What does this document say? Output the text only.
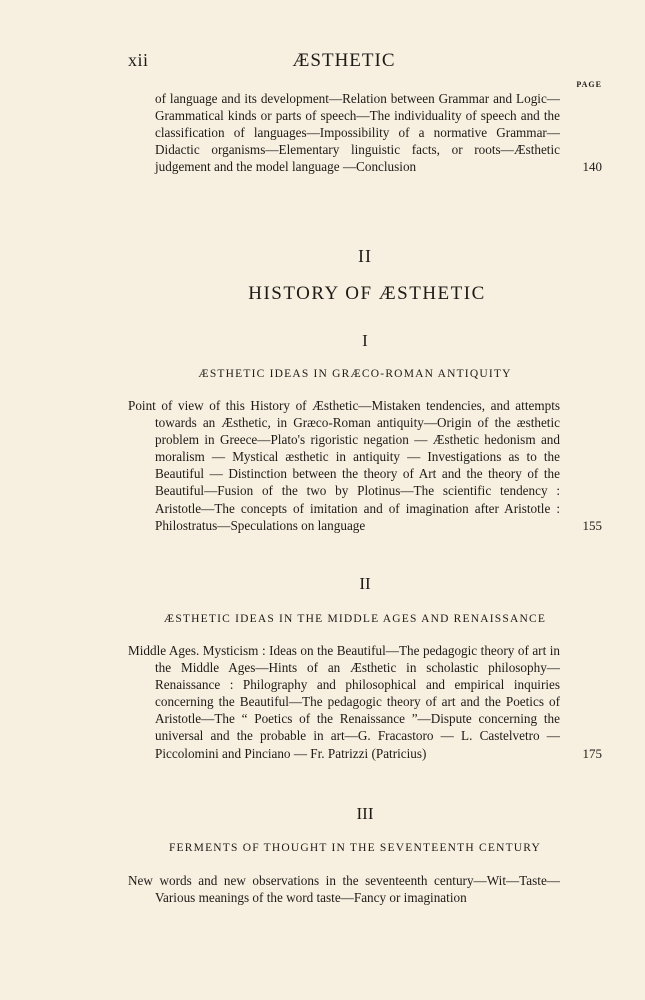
xii	ÆSTHETIC
PAGE
of language and its development—Relation between Grammar and Logic—Grammatical kinds or parts of speech—The individuality of speech and the classification of languages—Impossibility of a normative Grammar—Didactic organisms—Elementary linguistic facts, or roots—Æsthetic judgement and the model language —Conclusion	140
II
HISTORY OF ÆSTHETIC
I
ÆSTHETIC IDEAS IN GRÆCO-ROMAN ANTIQUITY
Point of view of this History of Æsthetic—Mistaken tendencies, and attempts towards an Æsthetic, in Græco-Roman antiquity—Origin of the æsthetic problem in Greece—Plato's rigoristic negation — Æsthetic hedonism and moralism — Mystical æsthetic in antiquity — Investigations as to the Beautiful — Distinction between the theory of Art and the theory of the Beautiful—Fusion of the two by Plotinus—The scientific tendency : Aristotle—The concepts of imitation and of imagination after Aristotle : Philostratus—Speculations on language	155
II
ÆSTHETIC IDEAS IN THE MIDDLE AGES AND RENAISSANCE
Middle Ages. Mysticism : Ideas on the Beautiful—The pedagogic theory of art in the Middle Ages—Hints of an Æsthetic in scholastic philosophy—Renaissance : Philography and philosophical and empirical inquiries concerning the Beautiful—The pedagogic theory of art and the Poetics of Aristotle—The “ Poetics of the Renaissance ”—Dispute concerning the universal and the probable in art—G. Fracastoro — L. Castelvetro — Piccolomini and Pinciano — Fr. Patrizzi (Patricius)	175
III
FERMENTS OF THOUGHT IN THE SEVENTEENTH CENTURY
New words and new observations in the seventeenth century—Wit—Taste—Various meanings of the word taste—Fancy or imagination
